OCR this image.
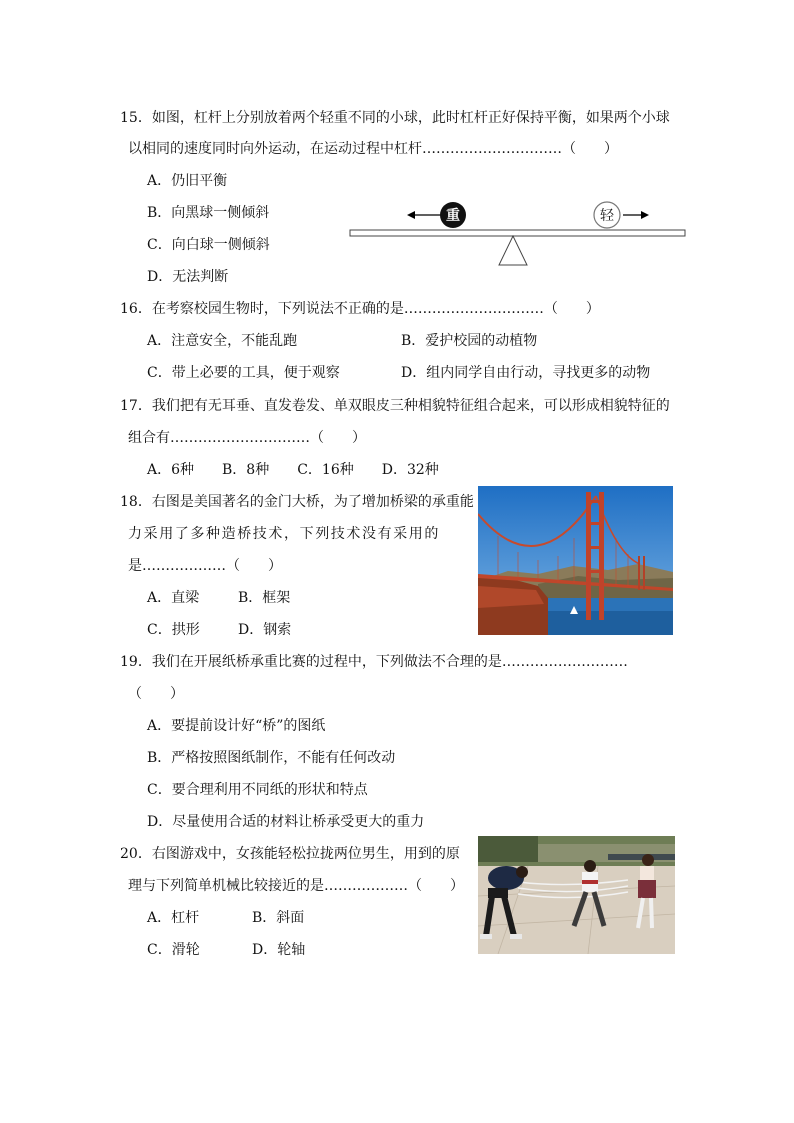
15．如图，杠杆上分别放着两个轻重不同的小球，此时杠杆正好保持平衡，如果两个小球
以相同的速度同时向外运动，在运动过程中杠杆…………………………（　　）
A．仍旧平衡
B．向黑球一侧倾斜
C．向白球一侧倾斜
D．无法判断
重	轻
16．在考察校园生物时，下列说法不正确的是…………………………（　　）
A．注意安全，不能乱跑	B．爱护校园的动植物
C．带上必要的工具，便于观察	D．组内同学自由行动，寻找更多的动物
17．我们把有无耳垂、直发卷发、单双眼皮三种相貌特征组合起来，可以形成相貌特征的
组合有…………………………（　　）
A．6种　　B．8种　　C．16种　　D．32种
18．右图是美国著名的金门大桥，为了增加桥梁的承重能
力采用了多种造桥技术，下列技术没有采用的
是………………（　　）
A．直梁	B．框架
C．拱形	D．钢索
19．我们在开展纸桥承重比赛的过程中，下列做法不合理的是………………………
（　　）
A．要提前设计好“桥”的图纸
B．严格按照图纸制作，不能有任何改动
C．要合理利用不同纸的形状和特点
D．尽量使用合适的材料让桥承受更大的重力
20．右图游戏中，女孩能轻松拉拢两位男生，用到的原
理与下列简单机械比较接近的是………………（　　）
A．杠杆	B．斜面
C．滑轮	D．轮轴
